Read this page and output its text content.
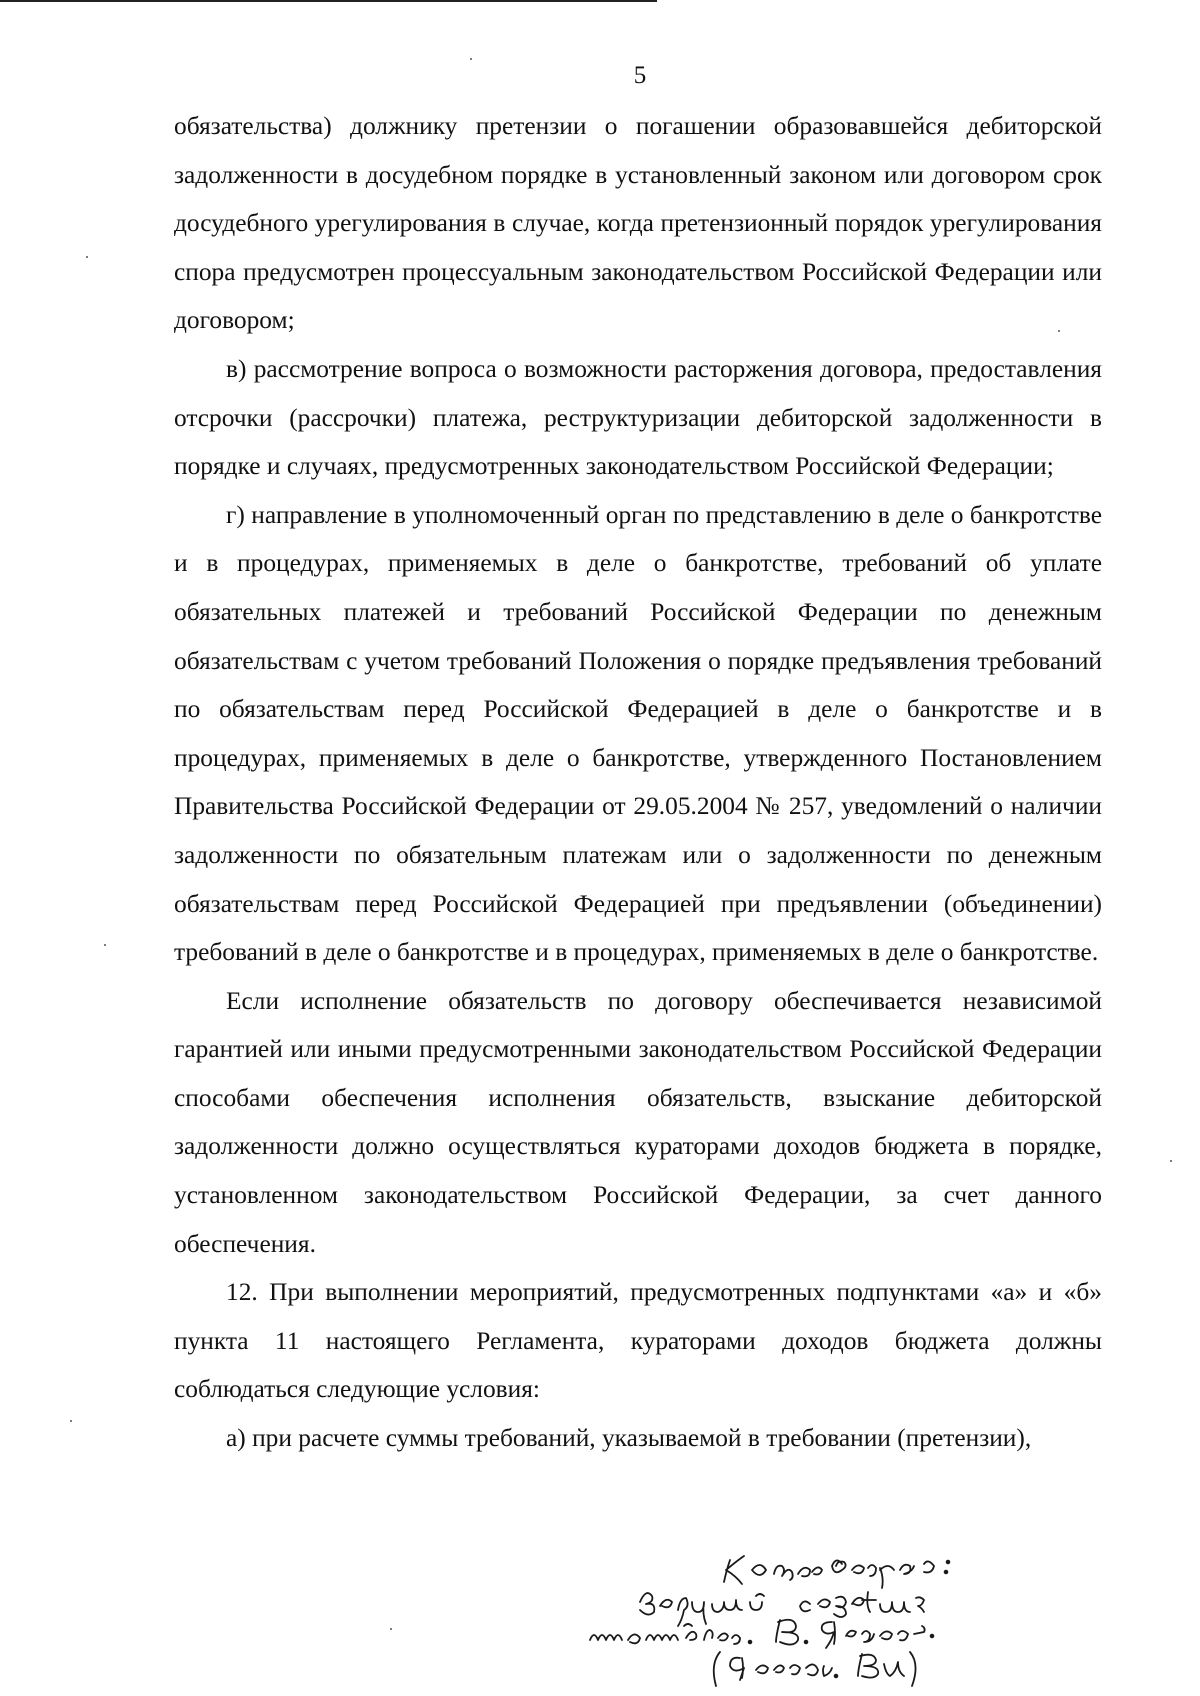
5

обязательства) должнику претензии о погашении образовавшейся дебиторской задолженности в досудебном порядке в установленный законом или договором срок досудебного урегулирования в случае, когда претензионный порядок урегулирования спора предусмотрен процессуальным законодательством Российской Федерации или договором;

в) рассмотрение вопроса о возможности расторжения договора, предоставления отсрочки (рассрочки) платежа, реструктуризации дебиторской задолженности в порядке и случаях, предусмотренных законодательством Российской Федерации;

г) направление в уполномоченный орган по представлению в деле о банкротстве и в процедурах, применяемых в деле о банкротстве, требований об уплате обязательных платежей и требований Российской Федерации по денежным обязательствам с учетом требований Положения о порядке предъявления требований по обязательствам перед Российской Федерацией в деле о банкротстве и в процедурах, применяемых в деле о банкротстве, утвержденного Постановлением Правительства Российской Федерации от 29.05.2004 № 257, уведомлений о наличии задолженности по обязательным платежам или о задолженности по денежным обязательствам перед Российской Федерацией при предъявлении (объединении) требований в деле о банкротстве и в процедурах, применяемых в деле о банкротстве.

Если исполнение обязательств по договору обеспечивается независимой гарантией или иными предусмотренными законодательством Российской Федерации способами обеспечения исполнения обязательств, взыскание дебиторской задолженности должно осуществляться кураторами доходов бюджета в порядке, установленном законодательством Российской Федерации, за счет данного обеспечения.

12. При выполнении мероприятий, предусмотренных подпунктами «а» и «б» пункта 11 настоящего Регламента, кураторами доходов бюджета должны соблюдаться следующие условия:

а) при расчете суммы требований, указываемой в требовании (претензии),
